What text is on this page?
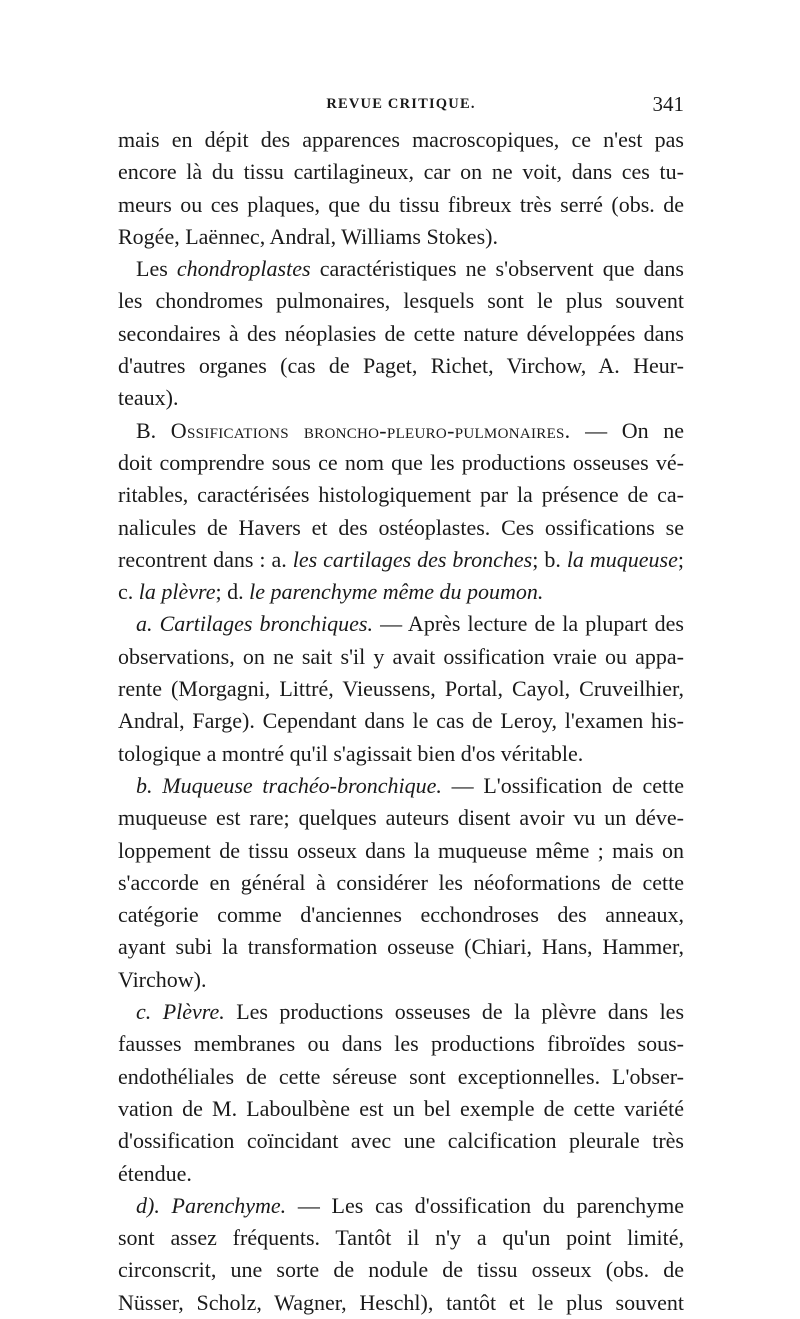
REVUE CRITIQUE.	341
mais en dépit des apparences macroscopiques, ce n'est pas
encore là du tissu cartilagineux, car on ne voit, dans ces tu-
meurs ou ces plaques, que du tissu fibreux très serré (obs. de
Rogée, Laënnec, Andral, Williams Stokes).
Les chondroplastes caractéristiques ne s'observent que dans
les chondromes pulmonaires, lesquels sont le plus souvent
secondaires à des néoplasies de cette nature développées dans
d'autres organes (cas de Paget, Richet, Virchow, A. Heur-
teaux).
B. Ossifications broncho-pleuro-pulmonaires. — On ne
doit comprendre sous ce nom que les productions osseuses vé-
ritables, caractérisées histologiquement par la présence de ca-
nalicules de Havers et des ostéoplastes. Ces ossifications se
recontrent dans : a. les cartilages des bronches; b. la muqueuse;
c. la plèvre; d. le parenchyme même du poumon.
a. Cartilages bronchiques. — Après lecture de la plupart des
observations, on ne sait s'il y avait ossification vraie ou appa-
rente (Morgagni, Littré, Vieussens, Portal, Cayol, Cruveilhier,
Andral, Farge). Cependant dans le cas de Leroy, l'examen his-
tologique a montré qu'il s'agissait bien d'os véritable.
b. Muqueuse trachéo-bronchique. — L'ossification de cette
muqueuse est rare; quelques auteurs disent avoir vu un déve-
loppement de tissu osseux dans la muqueuse même ; mais on
s'accorde en général à considérer les néoformations de cette
catégorie comme d'anciennes ecchondroses des anneaux,
ayant subi la transformation osseuse (Chiari, Hans, Hammer,
Virchow).
c. Plèvre. Les productions osseuses de la plèvre dans les
fausses membranes ou dans les productions fibroïdes sous-
endothéliales de cette séreuse sont exceptionnelles. L'obser-
vation de M. Laboulbène est un bel exemple de cette variété
d'ossification coïncidant avec une calcification pleurale très
étendue.
d). Parenchyme. — Les cas d'ossification du parenchyme
sont assez fréquents. Tantôt il n'y a qu'un point limité,
circonscrit, une sorte de nodule de tissu osseux (obs. de
Nüsser, Scholz, Wagner, Heschl), tantôt et le plus souvent
